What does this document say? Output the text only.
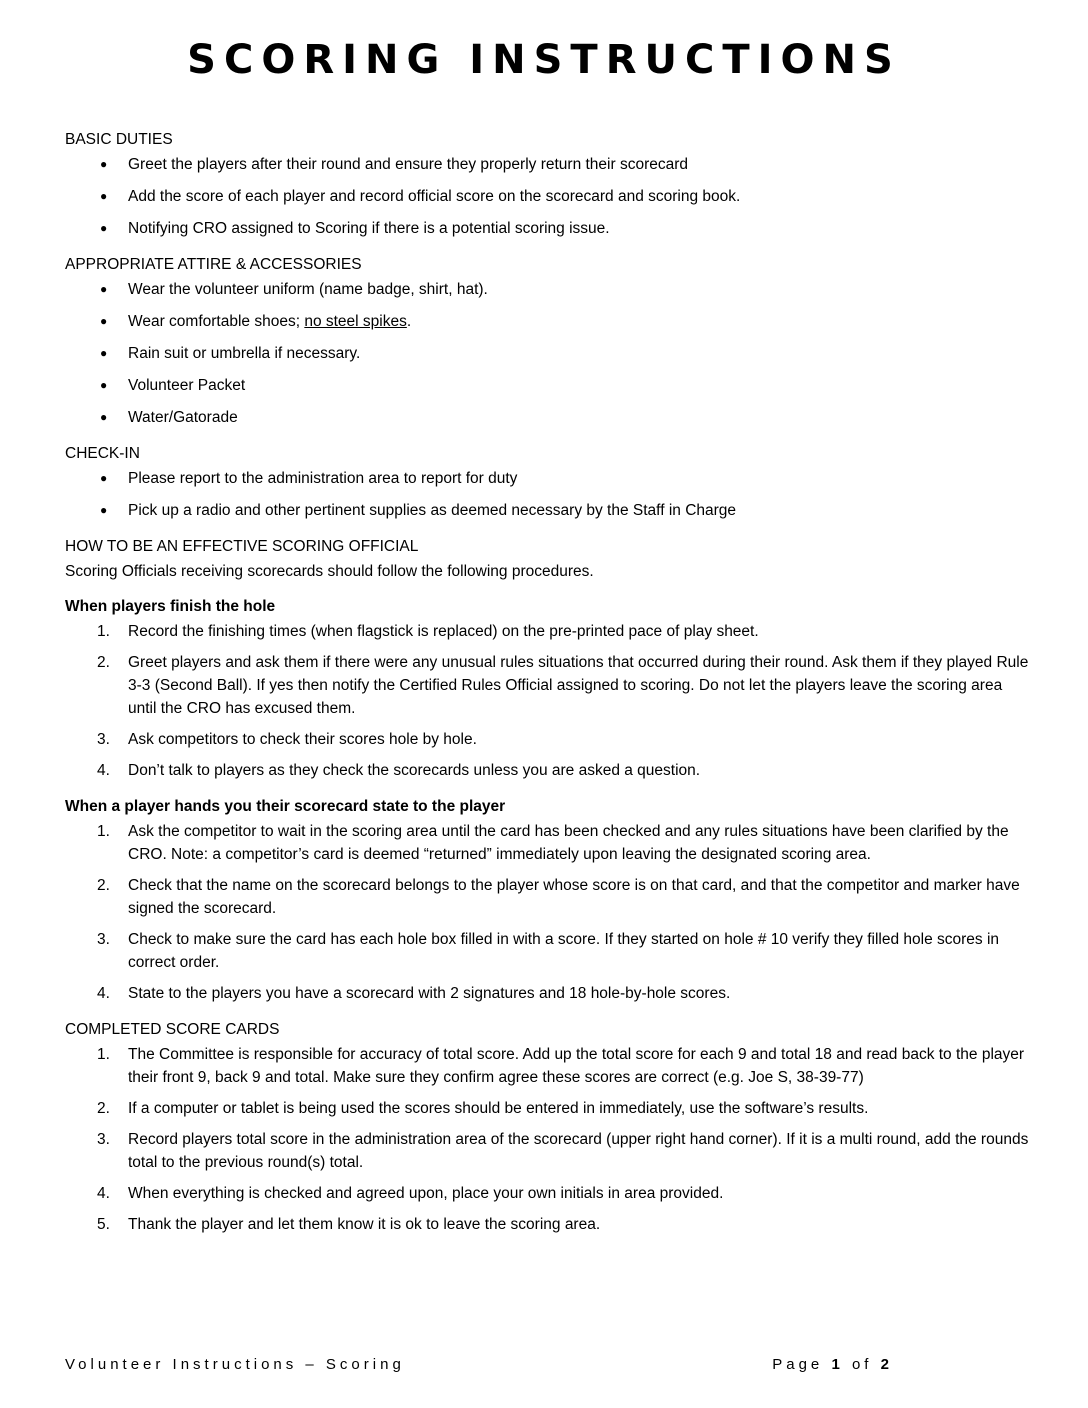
SCORING INSTRUCTIONS
BASIC DUTIES
● Greet the players after their round and ensure they properly return their scorecard
● Add the score of each player and record official score on the scorecard and scoring book.
● Notifying CRO assigned to Scoring if there is a potential scoring issue.
APPROPRIATE ATTIRE & ACCESSORIES
● Wear the volunteer uniform (name badge, shirt, hat).
● Wear comfortable shoes; no steel spikes.
● Rain suit or umbrella if necessary.
● Volunteer Packet
● Water/Gatorade
CHECK-IN
● Please report to the administration area to report for duty
● Pick up a radio and other pertinent supplies as deemed necessary by the Staff in Charge
HOW TO BE AN EFFECTIVE SCORING OFFICIAL

Scoring Officials receiving scorecards should follow the following procedures.

When players finish the hole
1. Record the finishing times (when flagstick is replaced) on the pre-printed pace of play sheet.
2. Greet players and ask them if there were any unusual rules situations that occurred during their round. Ask them if they played Rule 3-3 (Second Ball). If yes then notify the Certified Rules Official assigned to scoring. Do not let the players leave the scoring area until the CRO has excused them.
3. Ask competitors to check their scores hole by hole.
4. Don’t talk to players as they check the scorecards unless you are asked a question.
When a player hands you their scorecard state to the player
1. Ask the competitor to wait in the scoring area until the card has been checked and any rules situations have been clarified by the CRO. Note: a competitor’s card is deemed “returned” immediately upon leaving the designated scoring area.
2. Check that the name on the scorecard belongs to the player whose score is on that card, and that the competitor and marker have signed the scorecard.
3. Check to make sure the card has each hole box filled in with a score. If they started on hole # 10 verify they filled hole scores in correct order.
4. State to the players you have a scorecard with 2 signatures and 18 hole-by-hole scores.
COMPLETED SCORE CARDS
1. The Committee is responsible for accuracy of total score. Add up the total score for each 9 and total 18 and read back to the player their front 9, back 9 and total. Make sure they confirm agree these scores are correct (e.g. Joe S, 38-39-77)
2. If a computer or tablet is being used the scores should be entered in immediately, use the software’s results.
3. Record players total score in the administration area of the scorecard (upper right hand corner). If it is a multi round, add the rounds total to the previous round(s) total.
4. When everything is checked and agreed upon, place your own initials in area provided.
5. Thank the player and let them know it is ok to leave the scoring area.
Volunteer Instructions – Scoring	Page 1 of 2
